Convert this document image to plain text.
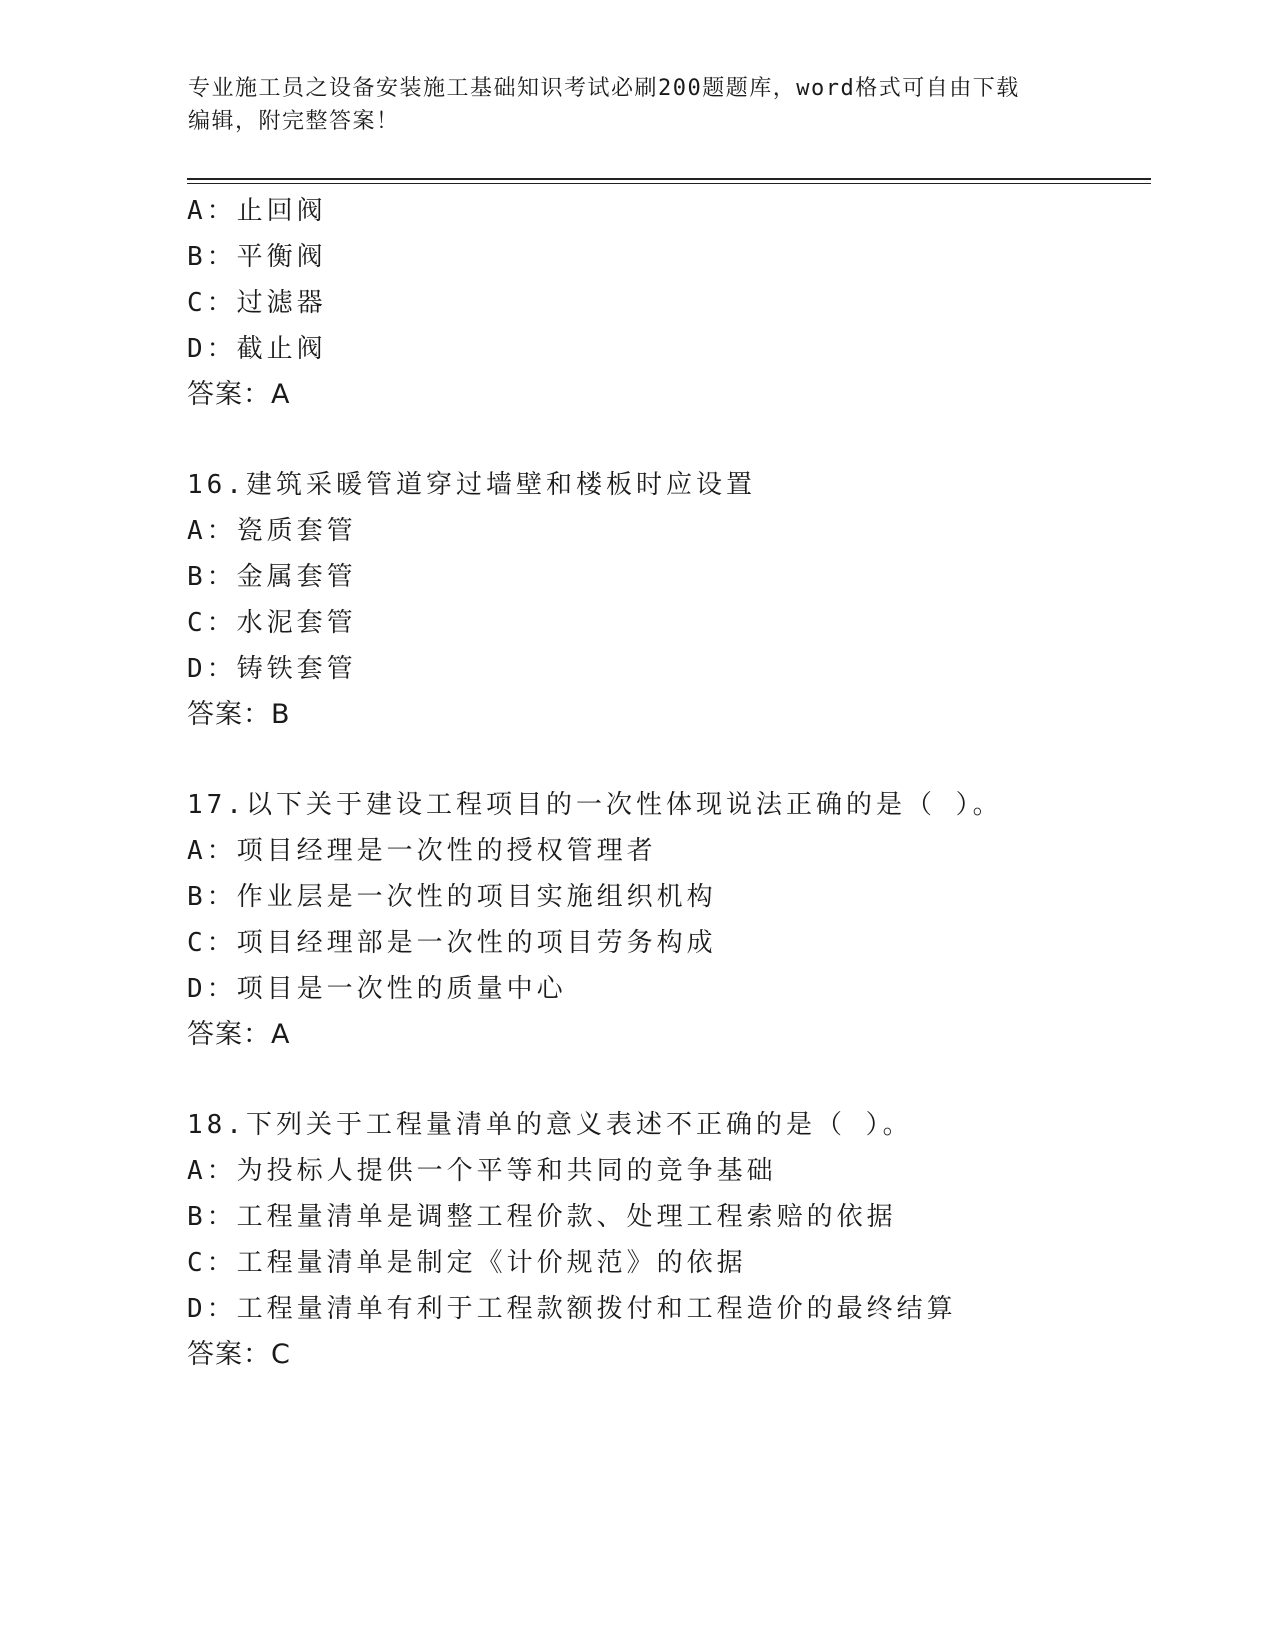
专业施工员之设备安装施工基础知识考试必刷200题题库，word格式可自由下载
编辑，附完整答案！
A：止回阀
B：平衡阀
C：过滤器
D：截止阀
答案：A
16.建筑采暖管道穿过墙壁和楼板时应设置
A：瓷质套管
B：金属套管
C：水泥套管
D：铸铁套管
答案：B
17.以下关于建设工程项目的一次性体现说法正确的是（ ）。
A：项目经理是一次性的授权管理者
B：作业层是一次性的项目实施组织机构
C：项目经理部是一次性的项目劳务构成
D：项目是一次性的质量中心
答案：A
18.下列关于工程量清单的意义表述不正确的是（ ）。
A：为投标人提供一个平等和共同的竞争基础
B：工程量清单是调整工程价款、处理工程索赔的依据
C：工程量清单是制定《计价规范》的依据
D：工程量清单有利于工程款额拨付和工程造价的最终结算
答案：C
